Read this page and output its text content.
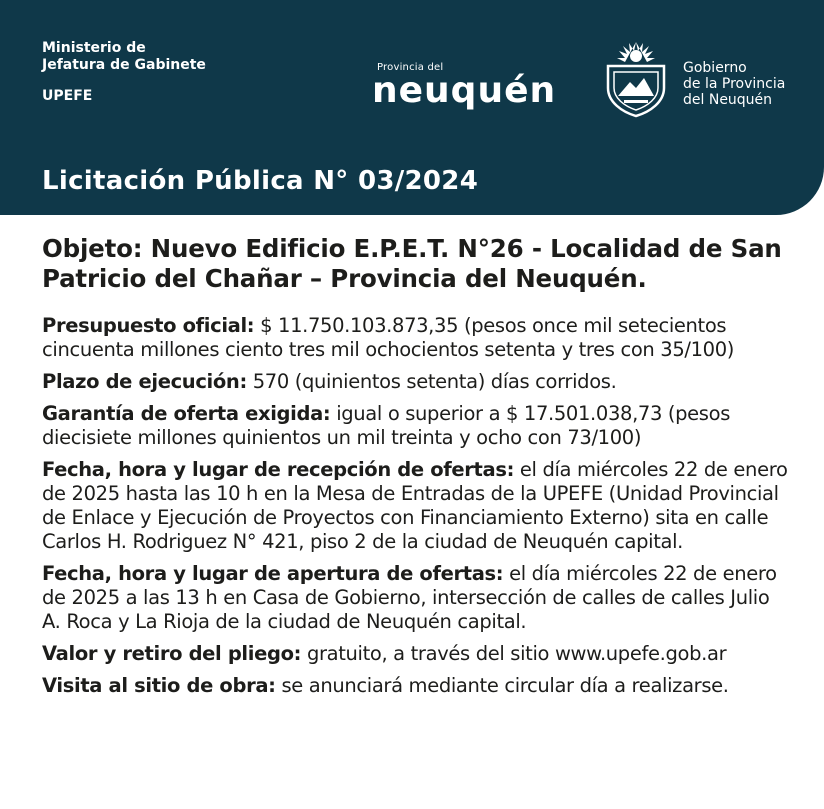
Ministerio de
Jefatura de Gabinete
UPEFE
Provincia del
neuquén
Gobierno
de la Provincia
del Neuquén
Licitación Pública N° 03/2024

Objeto: Nuevo Edificio E.P.E.T. N°26 - Localidad de San Patricio del Chañar – Provincia del Neuquén.

Presupuesto oficial: $ 11.750.103.873,35 (pesos once mil setecientos cincuenta millones ciento tres mil ochocientos setenta y tres con 35/100)

Plazo de ejecución: 570 (quinientos setenta) días corridos.

Garantía de oferta exigida: igual o superior a $ 17.501.038,73 (pesos diecisiete millones quinientos un mil treinta y ocho con 73/100)

Fecha, hora y lugar de recepción de ofertas: el día miércoles 22 de enero de 2025 hasta las 10 h en la Mesa de Entradas de la UPEFE (Unidad Provincial de Enlace y Ejecución de Proyectos con Financiamiento Externo) sita en calle Carlos H. Rodriguez N° 421, piso 2 de la ciudad de Neuquén capital.

Fecha, hora y lugar de apertura de ofertas: el día miércoles 22 de enero de 2025 a las 13 h en Casa de Gobierno, intersección de calles de calles Julio A. Roca y La Rioja de la ciudad de Neuquén capital.

Valor y retiro del pliego: gratuito, a través del sitio www.upefe.gob.ar

Visita al sitio de obra: se anunciará mediante circular día a realizarse.
